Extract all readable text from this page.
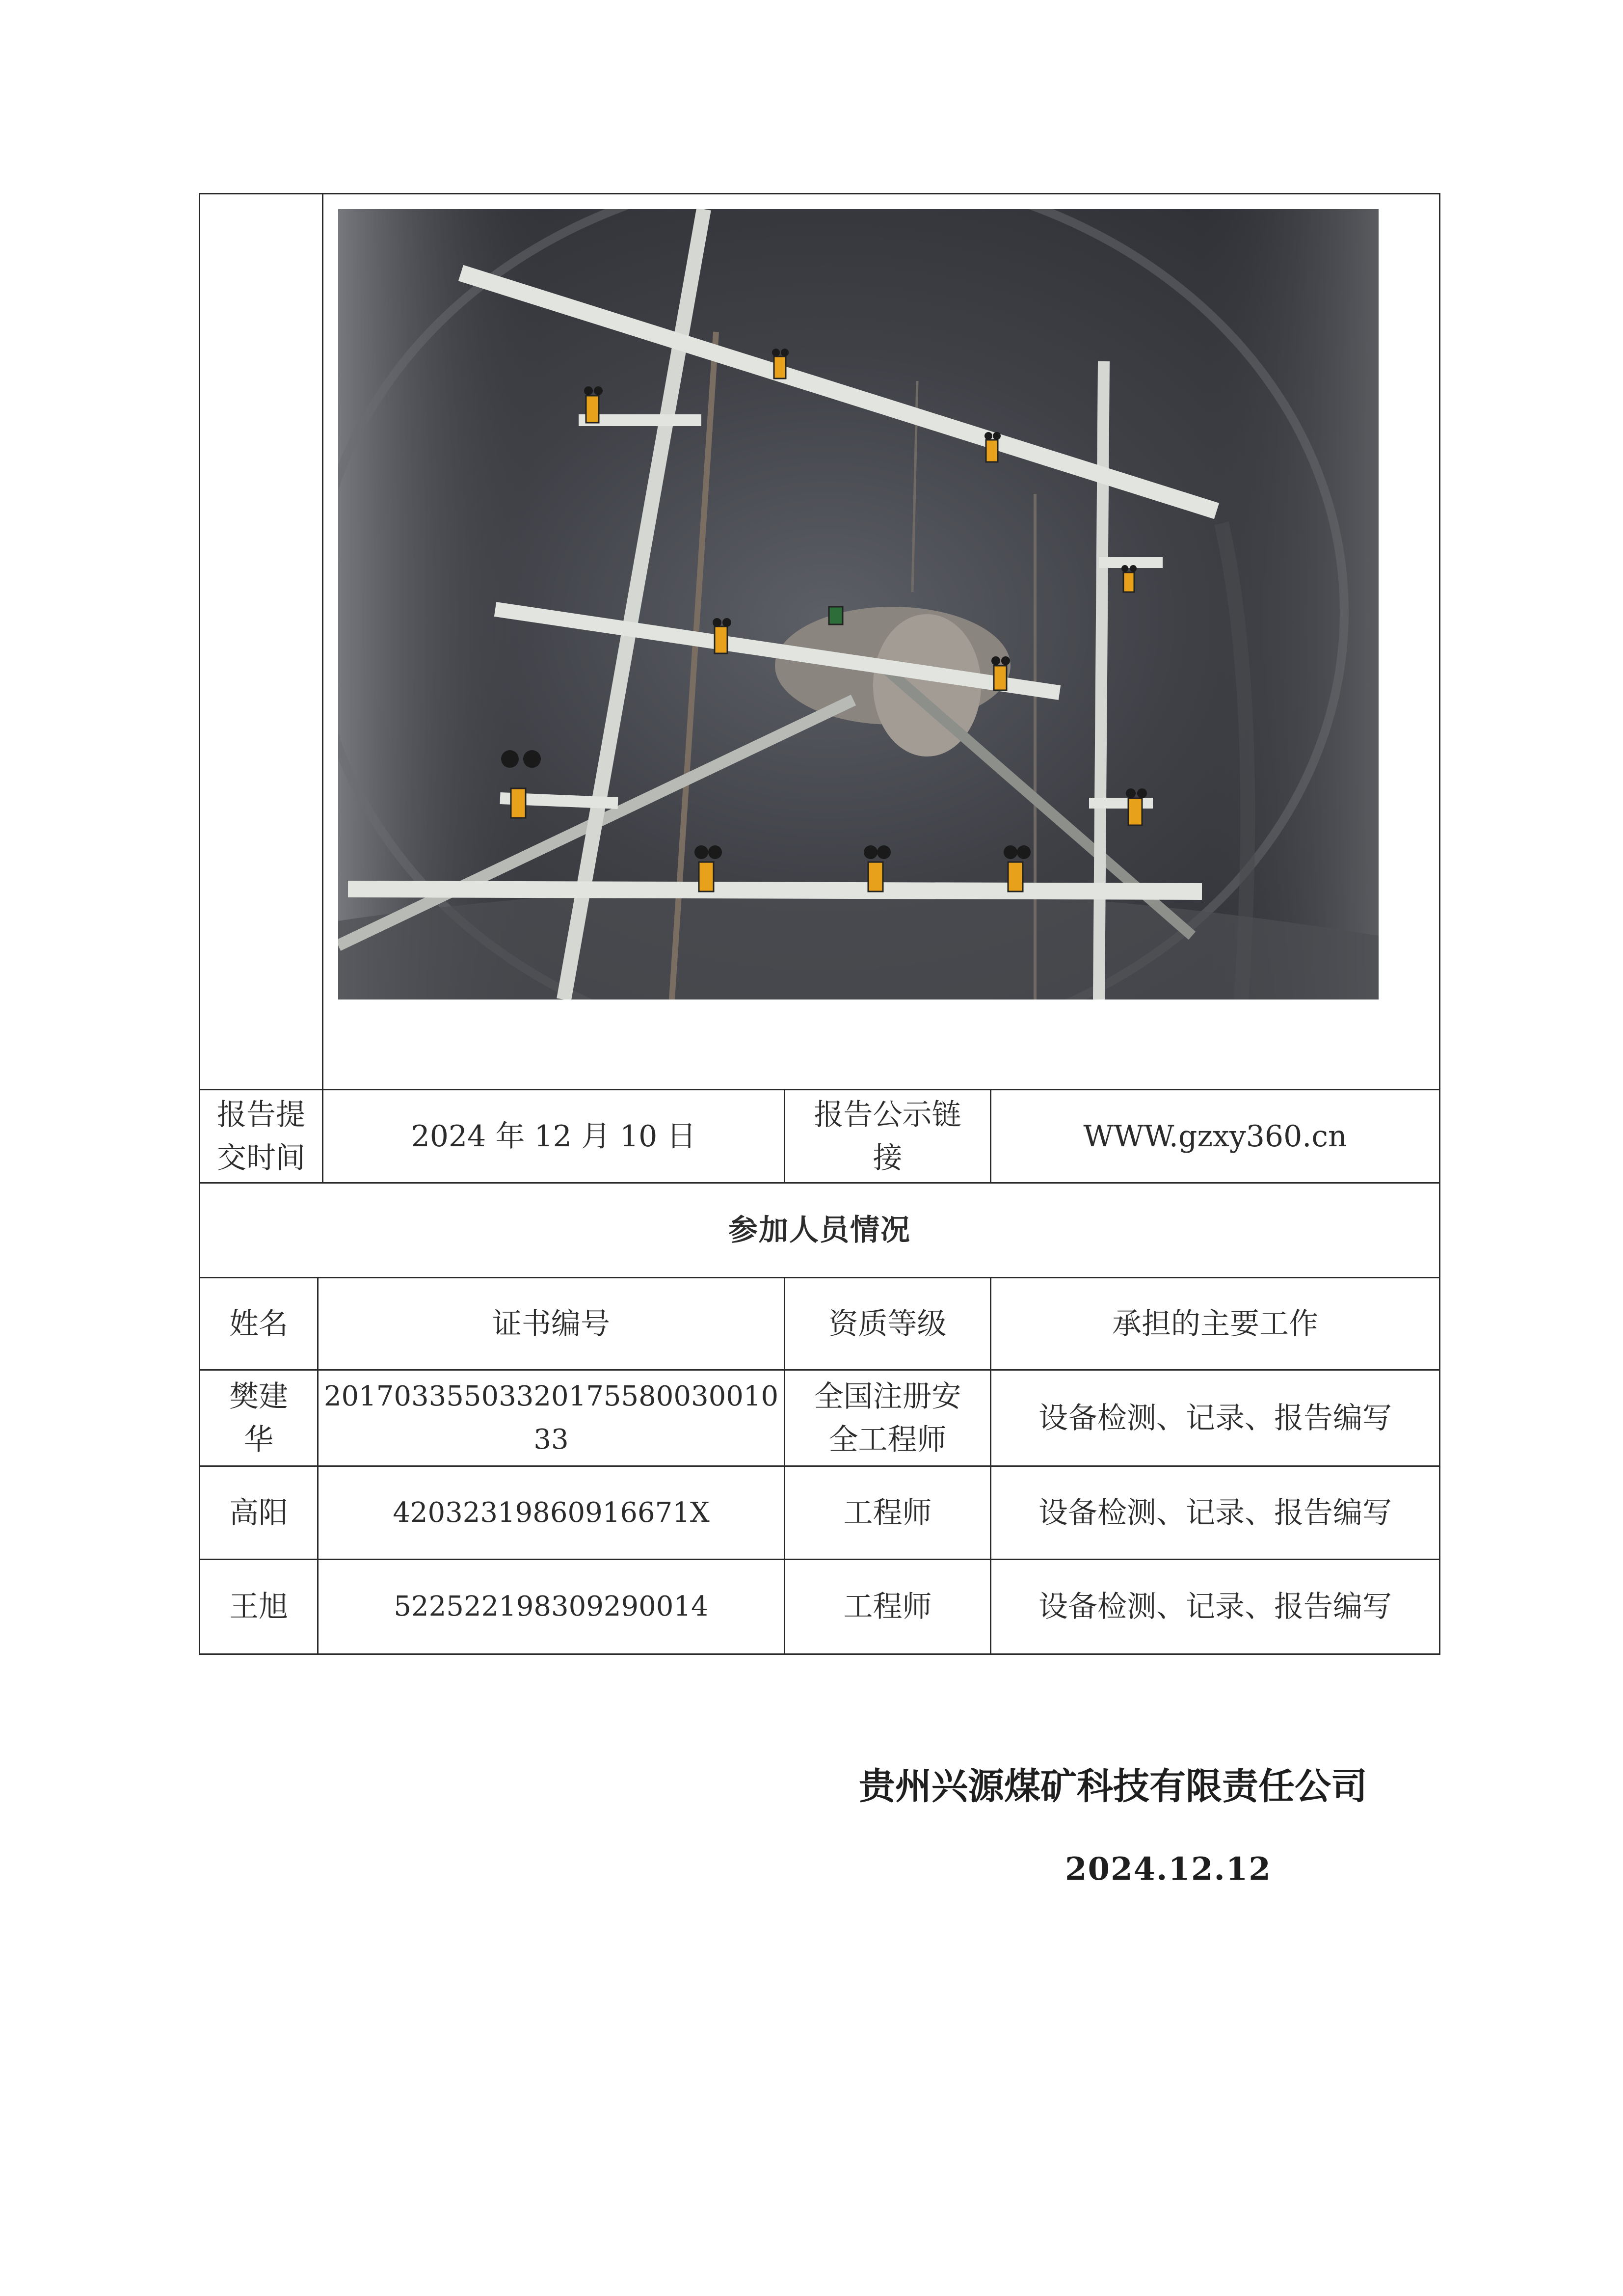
报告提交时间		2024 年 12 月 10 日	报告公示链接	WWW.gzxy360.cn
参加人员情况				
姓名	证书编号		资质等级	承担的主要工作
樊建华	20170335503320175580030010 33		全国注册安全工程师	设备检测、记录、报告编写
高阳	42032319860916671X		工程师	设备检测、记录、报告编写
王旭	522522198309290014		工程师	设备检测、记录、报告编写
贵州兴源煤矿科技有限责任公司
2024.12.12
